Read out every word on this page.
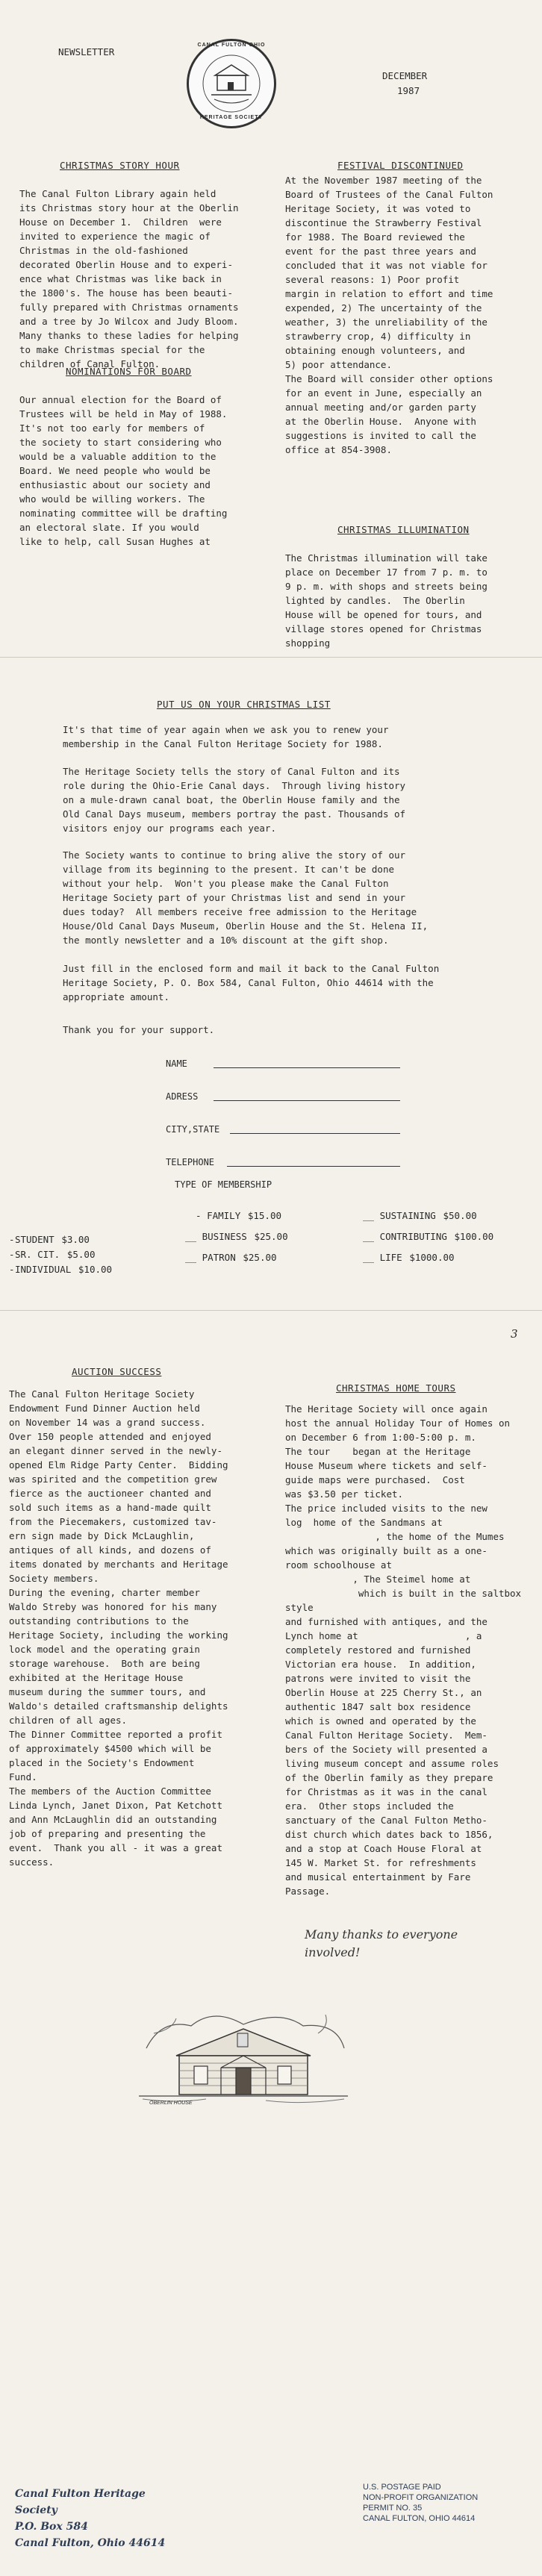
NEWSLETTER
CANAL FULTON OHIO
HERITAGE SOCIETY
DECEMBER
1987
CHRISTMAS STORY HOUR
The Canal Fulton Library again held
its Christmas story hour at the Oberlin
House on December 1.  Children  were
invited to experience the magic of
Christmas in the old-fashioned
decorated Oberlin House and to experi-
ence what Christmas was like back in
the 1800's. The house has been beauti-
fully prepared with Christmas ornaments
and a tree by Jo Wilcox and Judy Bloom.
Many thanks to these ladies for helping
to make Christmas special for the
children of Canal Fulton.
NOMINATIONS FOR BOARD
Our annual election for the Board of
Trustees will be held in May of 1988.
It's not too early for members of
the society to start considering who
would be a valuable addition to the
Board. We need people who would be
enthusiastic about our society and
who would be willing workers. The
nominating committee will be drafting
an electoral slate. If you would
like to help, call Susan Hughes at
FESTIVAL DISCONTINUED
At the November 1987 meeting of the
Board of Trustees of the Canal Fulton
Heritage Society, it was voted to
discontinue the Strawberry Festival
for 1988. The Board reviewed the
event for the past three years and
concluded that it was not viable for
several reasons: 1) Poor profit
margin in relation to effort and time
expended, 2) The uncertainty of the
weather, 3) the unreliability of the
strawberry crop, 4) difficulty in
obtaining enough volunteers, and
5) poor attendance.
The Board will consider other options
for an event in June, especially an
annual meeting and/or garden party
at the Oberlin House.  Anyone with
suggestions is invited to call the
office at 854-3908.
CHRISTMAS ILLUMINATION
The Christmas illumination will take
place on December 17 from 7 p. m. to
9 p. m. with shops and streets being
lighted by candles.  The Oberlin
House will be opened for tours, and
village stores opened for Christmas
shopping
PUT US ON YOUR CHRISTMAS LIST
It's that time of year again when we ask you to renew your
membership in the Canal Fulton Heritage Society for 1988.
The Heritage Society tells the story of Canal Fulton and its
role during the Ohio-Erie Canal days.  Through living history
on a mule-drawn canal boat, the Oberlin House family and the
Old Canal Days museum, members portray the past. Thousands of
visitors enjoy our programs each year.
The Society wants to continue to bring alive the story of our
village from its beginning to the present. It can't be done
without your help.  Won't you please make the Canal Fulton
Heritage Society part of your Christmas list and send in your
dues today?  All members receive free admission to the Heritage
House/Old Canal Days Museum, Oberlin House and the St. Helena II,
the montly newsletter and a 10% discount at the gift shop.
Just fill in the enclosed form and mail it back to the Canal Fulton
Heritage Society, P. O. Box 584, Canal Fulton, Ohio 44614 with the
appropriate amount.
Thank you for your support.
NAME
ADRESS
CITY,STATE
TELEPHONE
TYPE OF MEMBERSHIP
-STUDENT $3.00
-SR. CIT. $5.00
-INDIVIDUAL $10.00
- FAMILY $15.00
__ BUSINESS $25.00
__ PATRON $25.00
__ SUSTAINING $50.00
__ CONTRIBUTING $100.00
__ LIFE $1000.00
3
AUCTION SUCCESS
The Canal Fulton Heritage Society
Endowment Fund Dinner Auction held
on November 14 was a grand success.
Over 150 people attended and enjoyed
an elegant dinner served in the newly-
opened Elm Ridge Party Center.  Bidding
was spirited and the competition grew
fierce as the auctioneer chanted and
sold such items as a hand-made quilt
from the Piecemakers, customized tav-
ern sign made by Dick McLaughlin,
antiques of all kinds, and dozens of
items donated by merchants and Heritage
Society members.
During the evening, charter member
Waldo Streby was honored for his many
outstanding contributions to the
Heritage Society, including the working
lock model and the operating grain
storage warehouse.  Both are being
exhibited at the Heritage House
museum during the summer tours, and
Waldo's detailed craftsmanship delights
children of all ages.
The Dinner Committee reported a profit
of approximately $4500 which will be
placed in the Society's Endowment
Fund.
The members of the Auction Committee
Linda Lynch, Janet Dixon, Pat Ketchott
and Ann McLaughlin did an outstanding
job of preparing and presenting the
event.  Thank you all - it was a great
success.
CHRISTMAS HOME TOURS
The Heritage Society will once again
host the annual Holiday Tour of Homes on
on December 6 from 1:00-5:00 p. m.
The tour    began at the Heritage
House Museum where tickets and self-
guide maps were purchased.  Cost
was $3.50 per ticket.
The price included visits to the new
log  home of the Sandmans at
, the home of the Mumes
which was originally built as a one-
room schoolhouse at
, The Steimel home at
which is built in the saltbox style
and furnished with antiques, and the
Lynch home at                   , a
completely restored and furnished
Victorian era house.  In addition,
patrons were invited to visit the
Oberlin House at 225 Cherry St., an
authentic 1847 salt box residence
which is owned and operated by the
Canal Fulton Heritage Society.  Mem-
bers of the Society will presented a
living museum concept and assume roles
of the Oberlin family as they prepare
for Christmas as it was in the canal
era.  Other stops included the
sanctuary of the Canal Fulton Metho-
dist church which dates back to 1856,
and a stop at Coach House Floral at
145 W. Market St. for refreshments
and musical entertainment by Fare
Passage.
Many thanks to everyone
involved!
OBERLIN HOUSE
Canal Fulton Heritage Society
P.O. Box 584
Canal Fulton, Ohio 44614
U.S. POSTAGE PAID
NON-PROFIT ORGANIZATION
PERMIT NO. 35
CANAL FULTON, OHIO 44614
